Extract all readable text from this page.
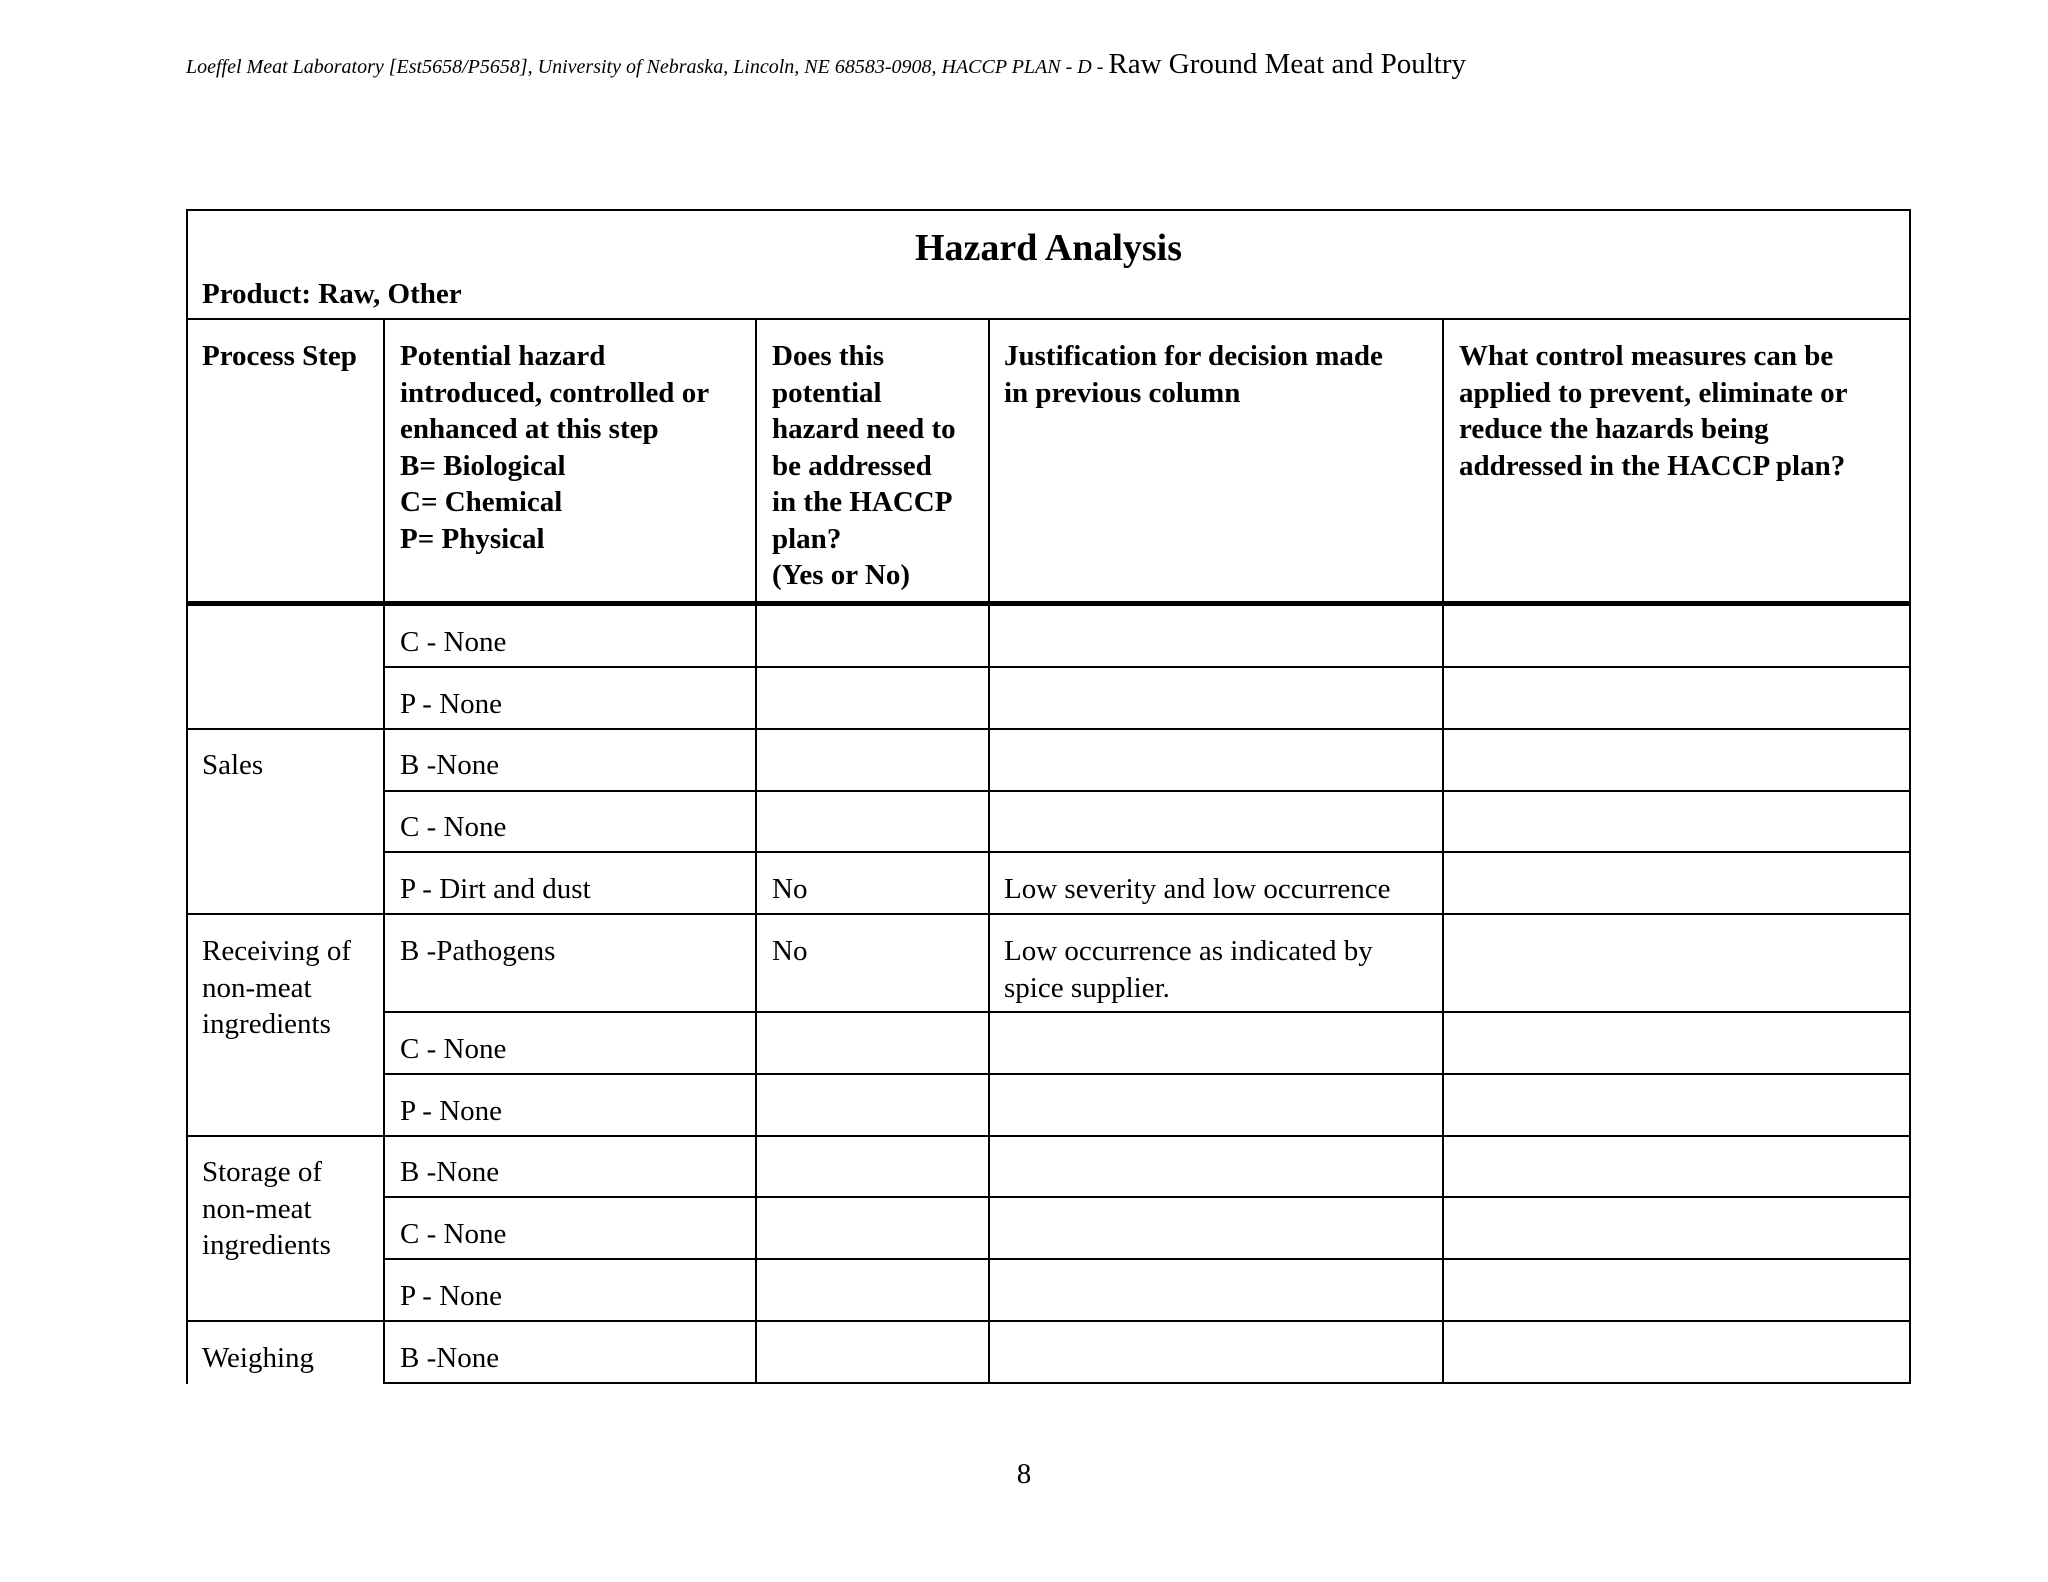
Loeffel Meat Laboratory [Est5658/P5658], University of Nebraska, Lincoln, NE 68583-0908, HACCP PLAN - D - Raw Ground Meat and Poultry
Hazard Analysis
Product: Raw, Other
Process Step Potential hazard
introduced, controlled or
enhanced at this step
B= Biological
C= Chemical
P= Physical
Does this
potential
hazard need to
be addressed
in the HACCP
plan?
(Yes or No)
Justification for decision made
in previous column
What control measures can be
applied to prevent, eliminate or
reduce the hazards being
addressed in the HACCP plan?
Sales
Receiving of
non-meat
ingredients
Storage of
non-meat
ingredients
Weighing
C - None
P - None
B -None
C - None
P - Dirt and dust
B -Pathogens
C - None
P - None
B -None
C - None
P - None
B -None
No
No
Low severity and low occurrence
Low occurrence as indicated by
spice supplier.
8
